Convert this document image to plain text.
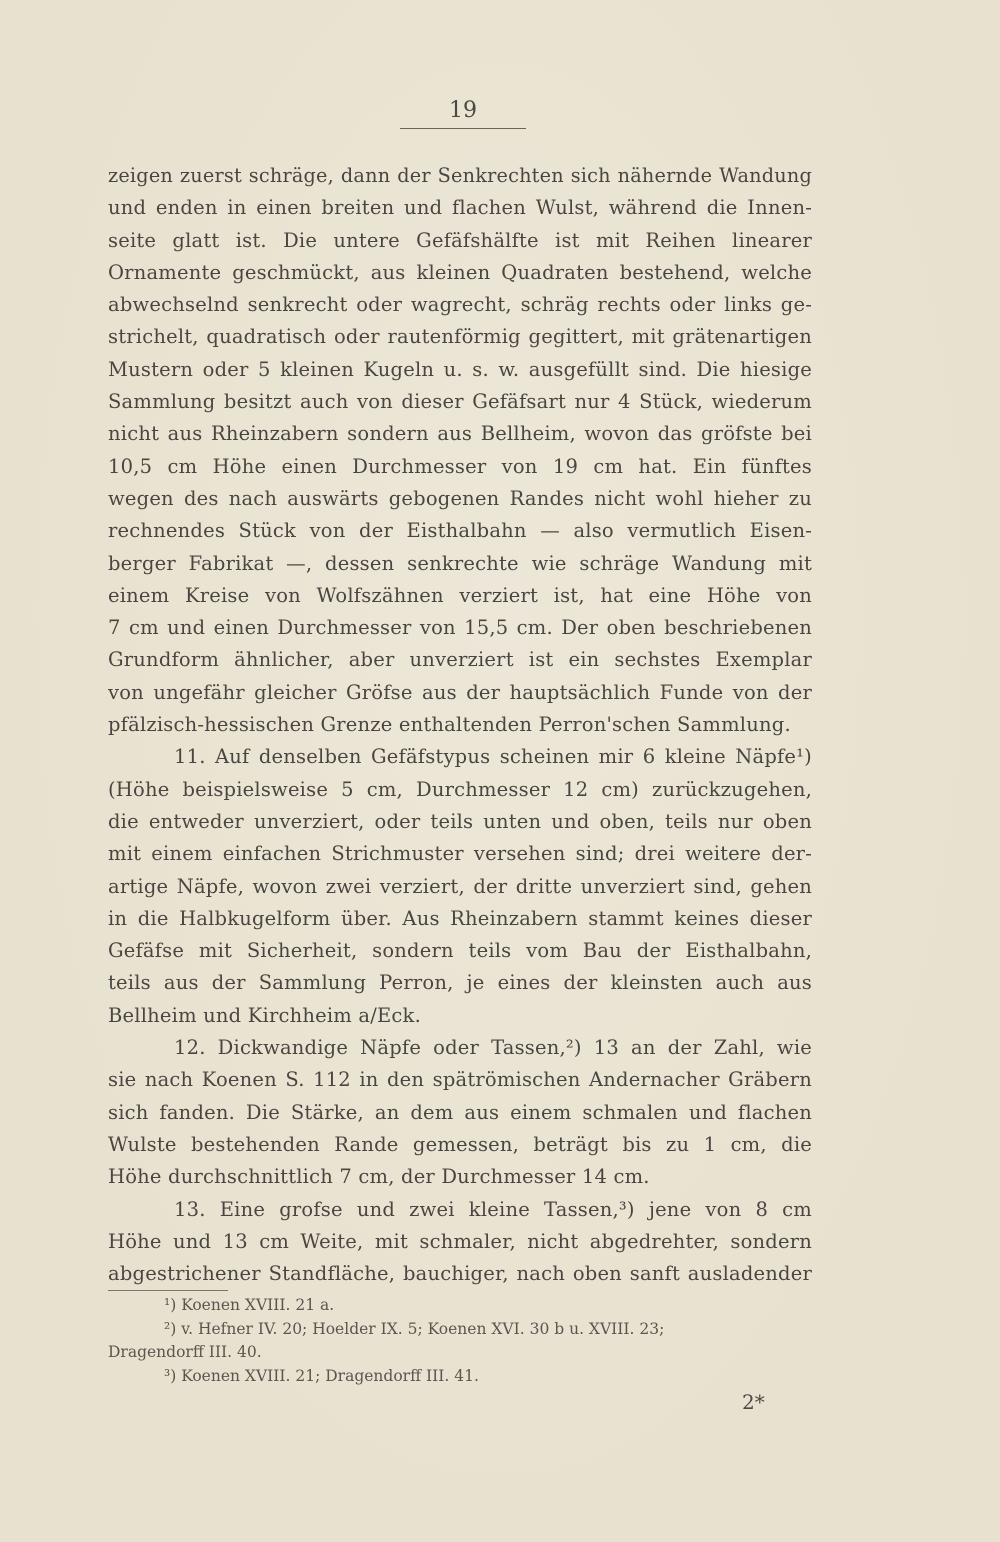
19
zeigen zuerst schräge, dann der Senkrechten sich nähernde Wandung
und enden in einen breiten und flachen Wulst, während die Innen-
seite glatt ist. Die untere Gefäfshälfte ist mit Reihen linearer
Ornamente geschmückt, aus kleinen Quadraten bestehend, welche
abwechselnd senkrecht oder wagrecht, schräg rechts oder links ge-
strichelt, quadratisch oder rautenförmig gegittert, mit grätenartigen
Mustern oder 5 kleinen Kugeln u. s. w. ausgefüllt sind. Die hiesige
Sammlung besitzt auch von dieser Gefäfsart nur 4 Stück, wiederum
nicht aus Rheinzabern sondern aus Bellheim, wovon das gröfste bei
10,5 cm Höhe einen Durchmesser von 19 cm hat. Ein fünftes
wegen des nach auswärts gebogenen Randes nicht wohl hieher zu
rechnendes Stück von der Eisthalbahn — also vermutlich Eisen-
berger Fabrikat —, dessen senkrechte wie schräge Wandung mit
einem Kreise von Wolfszähnen verziert ist, hat eine Höhe von
7 cm und einen Durchmesser von 15,5 cm. Der oben beschriebenen
Grundform ähnlicher, aber unverziert ist ein sechstes Exemplar
von ungefähr gleicher Gröfse aus der hauptsächlich Funde von der
pfälzisch-hessischen Grenze enthaltenden Perron'schen Sammlung.
11. Auf denselben Gefäfstypus scheinen mir 6 kleine Näpfe¹)
(Höhe beispielsweise 5 cm, Durchmesser 12 cm) zurückzugehen,
die entweder unverziert, oder teils unten und oben, teils nur oben
mit einem einfachen Strichmuster versehen sind; drei weitere der-
artige Näpfe, wovon zwei verziert, der dritte unverziert sind, gehen
in die Halbkugelform über. Aus Rheinzabern stammt keines dieser
Gefäfse mit Sicherheit, sondern teils vom Bau der Eisthalbahn,
teils aus der Sammlung Perron, je eines der kleinsten auch aus
Bellheim und Kirchheim a/Eck.
12. Dickwandige Näpfe oder Tassen,²) 13 an der Zahl, wie
sie nach Koenen S. 112 in den spätrömischen Andernacher Gräbern
sich fanden. Die Stärke, an dem aus einem schmalen und flachen
Wulste bestehenden Rande gemessen, beträgt bis zu 1 cm, die
Höhe durchschnittlich 7 cm, der Durchmesser 14 cm.
13. Eine grofse und zwei kleine Tassen,³) jene von 8 cm
Höhe und 13 cm Weite, mit schmaler, nicht abgedrehter, sondern
abgestrichener Standfläche, bauchiger, nach oben sanft ausladender
¹) Koenen XVIII. 21 a.
²) v. Hefner IV. 20; Hoelder IX. 5; Koenen XVI. 30 b u. XVIII. 23;
Dragendorff III. 40.
³) Koenen XVIII. 21; Dragendorff III. 41.
2*
